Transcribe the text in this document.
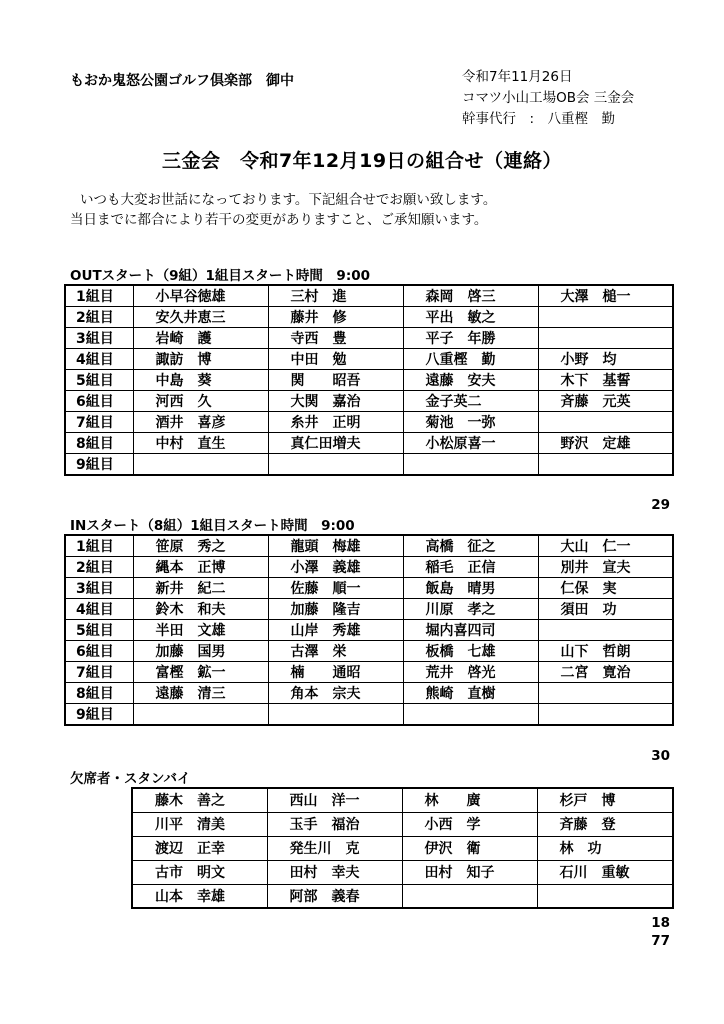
もおか鬼怒公園ゴルフ倶楽部　御中	令和7年11月26日
コマツ小山工場OB会 三金会
幹事代行　:　八重樫　勤
三金会　令和7年12月19日の組合せ（連絡）
いつも大変お世話になっております。下記組合せでお願い致します。
当日までに都合により若干の変更がありますこと、ご承知願います。
OUTスタート（9組）1組目スタート時間　9:00
1組目	小早谷徳雄	三村　進	森岡　啓三	大澤　槌一
2組目	安久井恵三	藤井　修	平出　敏之	
3組目	岩崎　護	寺西　豊	平子　年勝	
4組目	諏訪　博	中田　勉	八重樫　勤	小野　均
5組目	中島　葵	関　　昭吾	遠藤　安夫	木下　基誓
6組目	河西　久	大関　嘉治	金子英二	斉藤　元英
7組目	酒井　喜彦	糸井　正明	菊池　一弥	
8組目	中村　直生	真仁田増夫	小松原喜一	野沢　定雄
9組目				
29
INスタート（8組）1組目スタート時間　9:00
1組目	笹原　秀之	龍頭　梅雄	高橋　征之	大山　仁一
2組目	縄本　正博	小澤　義雄	稲毛　正信	別井　宣夫
3組目	新井　紀二	佐藤　順一	飯島　晴男	仁保　実
4組目	鈴木　和夫	加藤　隆吉	川原　孝之	須田　功
5組目	半田　文雄	山岸　秀雄	堀内喜四司	
6組目	加藤　国男	古澤　栄	板橋　七雄	山下　哲朗
7組目	富樫　鉱一	楠　　通昭	荒井　啓光	二宮　寛治
8組目	遠藤　清三	角本　宗夫	熊崎　直樹	
9組目				
30
欠席者・スタンバイ
藤木　善之	西山　洋一	林　　廣	杉戸　博
川平　清美	玉手　福治	小西　学	斉藤　登
渡辺　正幸	発生川　克	伊沢　衛	林　功
古市　明文	田村　幸夫	田村　知子	石川　重敏
山本　幸雄	阿部　義春		
18
77
